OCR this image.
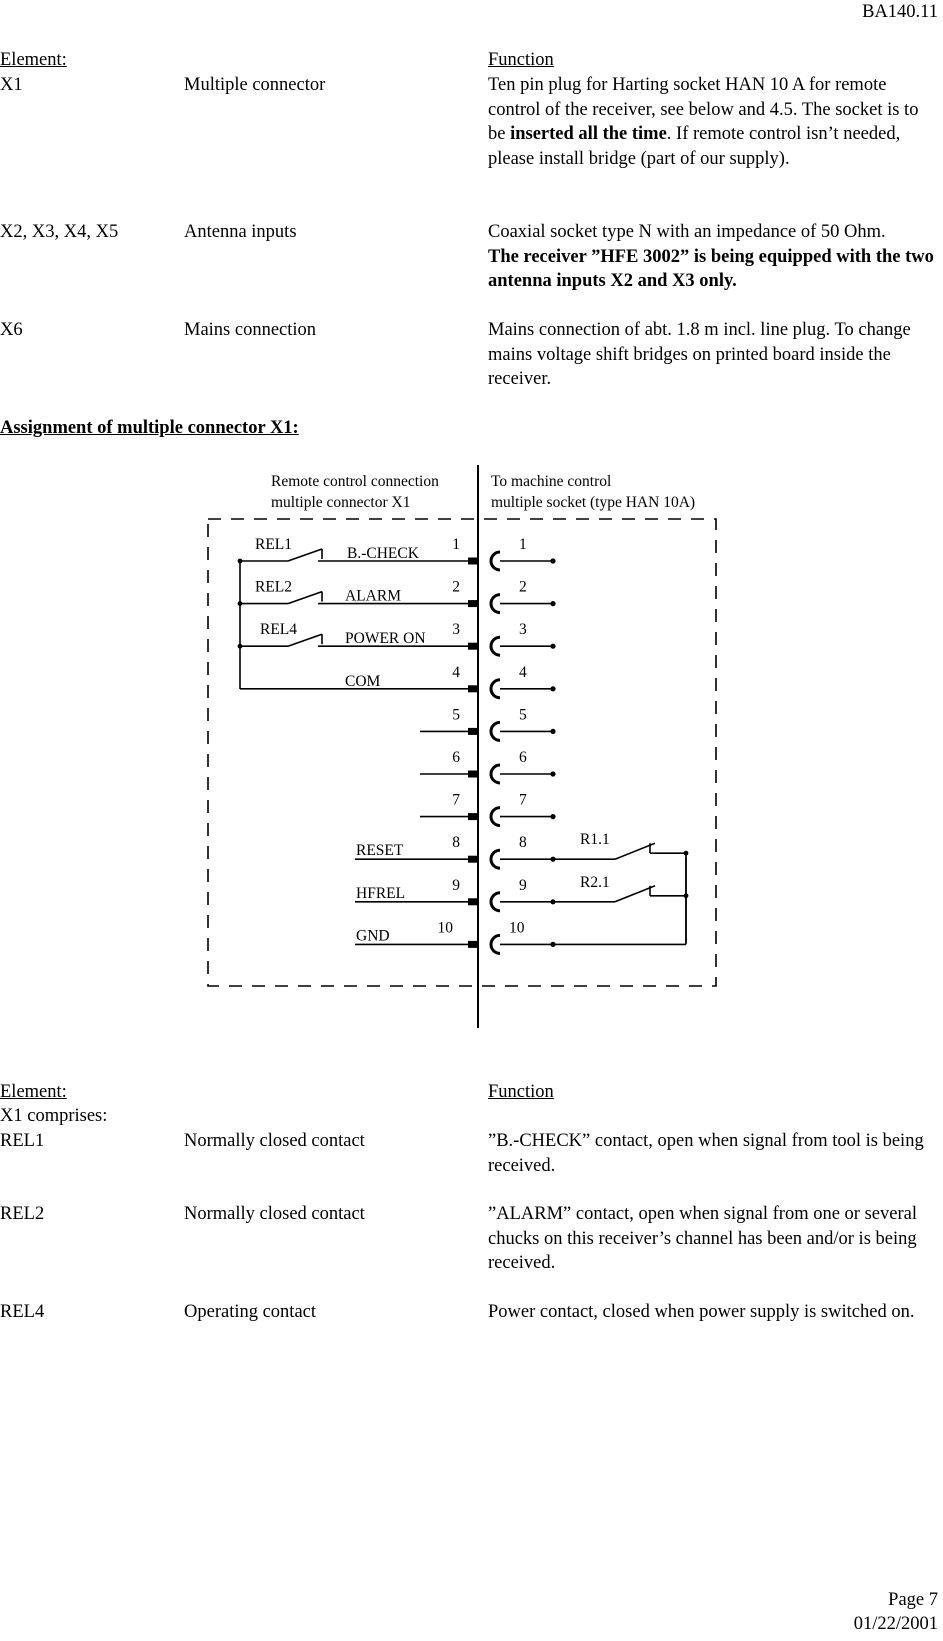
BA140.11
Element:	Function
X1	Multiple connector	Ten pin plug for Harting socket HAN 10 A for remote control of the receiver, see below and 4.5. The socket is to be inserted all the time. If remote control isn’t needed, please install bridge (part of our supply).
X2, X3, X4, X5	Antenna inputs	Coaxial socket type N with an impedance of 50 Ohm.
The receiver ”HFE 3002” is being equipped with the two antenna inputs X2 and X3 only.
X6	Mains connection	Mains connection of abt. 1.8 m incl. line plug. To change mains voltage shift bridges on printed board inside the receiver.
Assignment of multiple connector X1:
1	1
2	2
3	3
4	4
5	5
6	6
7	7
8	8
9	9
10	10
REL1
REL2
REL4
B.-CHECK
ALARM
POWER ON
COM
RESET
HFREL
GND
R1.1
R2.1
Remote control connection
multiple connector X1
To machine control
multiple socket (type HAN 10A)
Element:	Function
X1 comprises:
REL1	Normally closed contact	”B.-CHECK” contact, open when signal from tool is being received.
REL2	Normally closed contact	”ALARM” contact, open when signal from one or several chucks on this receiver’s channel has been and/or is being received.
REL4	Operating contact	Power contact, closed when power supply is switched on.
Page 7
01/22/2001
